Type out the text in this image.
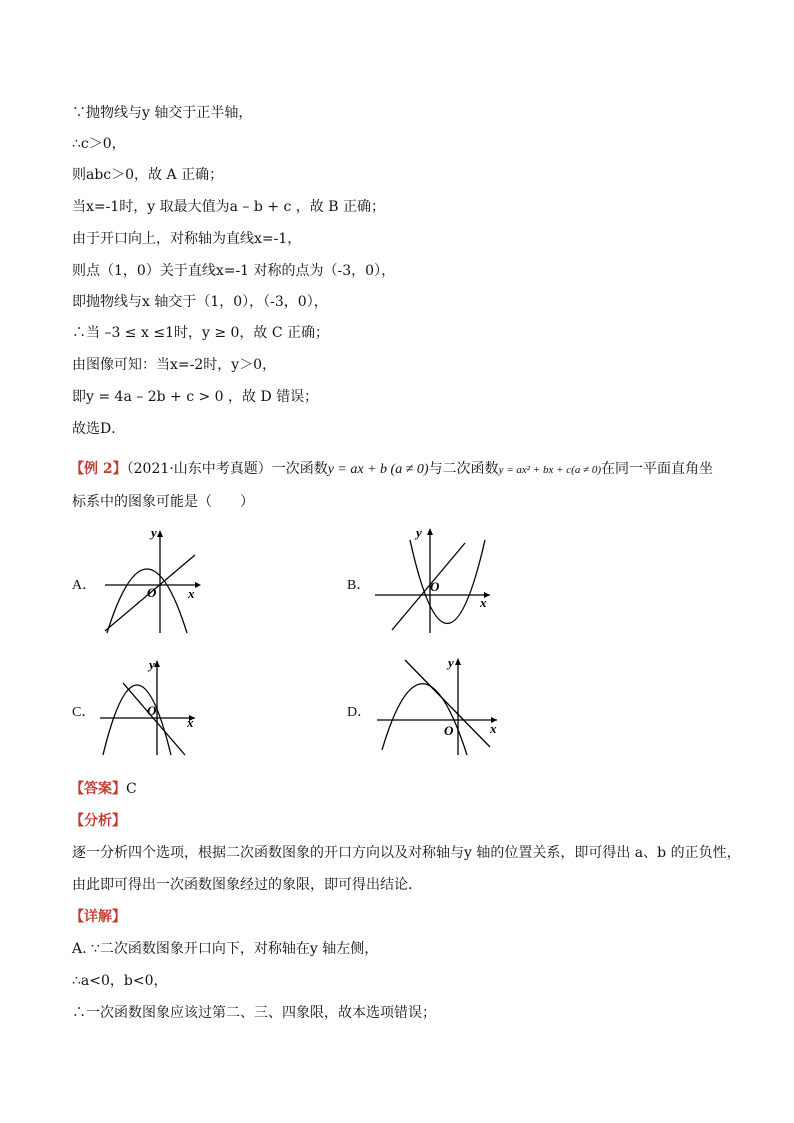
∵抛物线与y 轴交于正半轴，
∴c＞0，
则abc＞0，故 A 正确；
当x=-1时，y 取最大值为a – b + c ，故 B 正确；
由于开口向上，对称轴为直线x=-1，
则点（1，0）关于直线x=-1 对称的点为（-3，0），
即抛物线与x 轴交于（1，0），（-3，0），
∴当 –3 ≤ x ≤1时，y ≥ 0，故 C 正确；
由图像可知：当x=-2时，y＞0，
即y = 4a – 2b + c > 0 ，故 D 错误；
故选D．
【例 2】（2021·山东中考真题）一次函数y = ax + b (a ≠ 0)与二次函数y = ax² + bx + c(a ≠ 0)在同一平面直角坐
标系中的图象可能是（　　）
A．	B．
C．	D．
y
x
O
y
x
O
y
x
O
y
x
O
【答案】C
【分析】
逐一分析四个选项，根据二次函数图象的开口方向以及对称轴与y 轴的位置关系，即可得出 a、b 的正负性，
由此即可得出一次函数图象经过的象限，即可得出结论．
【详解】
A. ∵二次函数图象开口向下，对称轴在y 轴左侧，
∴a<0，b<0，
∴一次函数图象应该过第二、三、四象限，故本选项错误；
